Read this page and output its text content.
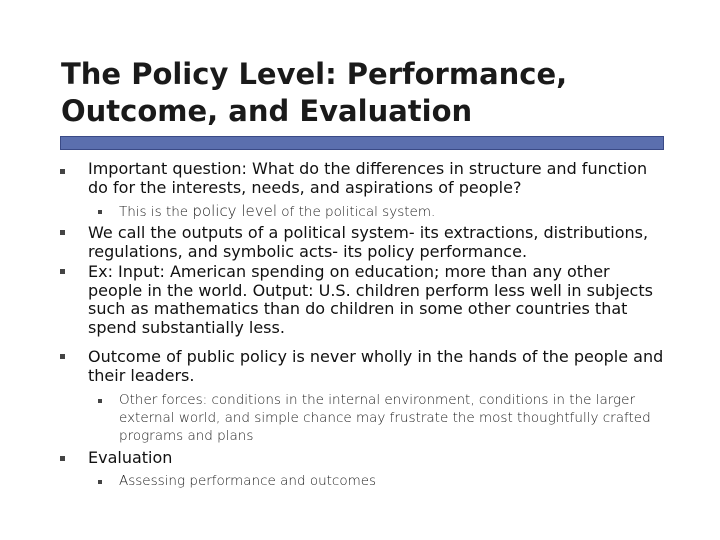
The Policy Level: Performance,
Outcome, and Evaluation
Important question: What do the differences in structure and function do for the interests, needs, and aspirations of people?
This is the policy level of the political system.
We call the outputs of a political system- its extractions, distributions, regulations, and symbolic acts- its policy performance.
Ex: Input: American spending on education; more than any other people in the world. Output: U.S. children perform less well in subjects such as mathematics than do children in some other countries that spend substantially less.
Outcome of public policy is never wholly in the hands of the people and their leaders.
Other forces: conditions in the internal environment, conditions in the larger external world, and simple chance may frustrate the most thoughtfully crafted programs and plans
Evaluation
Assessing performance and outcomes
